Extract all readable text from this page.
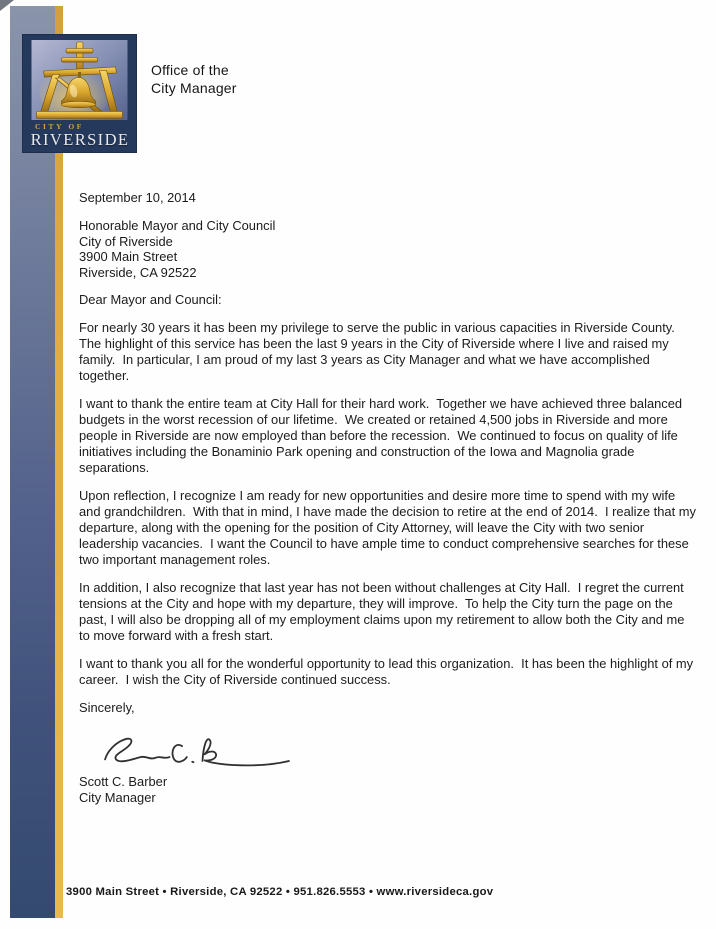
CITY OF
RIVERSIDE
Office of the
City Manager

September 10, 2014

Honorable Mayor and City Council
City of Riverside
3900 Main Street
Riverside, CA 92522

Dear Mayor and Council:

For nearly 30 years it has been my privilege to serve the public in various capacities in Riverside County.  The highlight of this service has been the last 9 years in the City of Riverside where I live and raised my family.  In particular, I am proud of my last 3 years as City Manager and what we have accomplished together.

I want to thank the entire team at City Hall for their hard work.  Together we have achieved three balanced budgets in the worst recession of our lifetime.  We created or retained 4,500 jobs in Riverside and more people in Riverside are now employed than before the recession.  We continued to focus on quality of life initiatives including the Bonaminio Park opening and construction of the Iowa and Magnolia grade separations.

Upon reflection, I recognize I am ready for new opportunities and desire more time to spend with my wife and grandchildren.  With that in mind, I have made the decision to retire at the end of 2014.  I realize that my departure, along with the opening for the position of City Attorney, will leave the City with two senior leadership vacancies.  I want the Council to have ample time to conduct comprehensive searches for these two important management roles.

In addition, I also recognize that last year has not been without challenges at City Hall.  I regret the current tensions at the City and hope with my departure, they will improve.  To help the City turn the page on the past, I will also be dropping all of my employment claims upon my retirement to allow both the City and me to move forward with a fresh start.

I want to thank you all for the wonderful opportunity to lead this organization.  It has been the highlight of my career.  I wish the City of Riverside continued success.

Sincerely,

Scott C. Barber
City Manager
3900 Main Street • Riverside, CA 92522 • 951.826.5553 • www.riversideca.gov
